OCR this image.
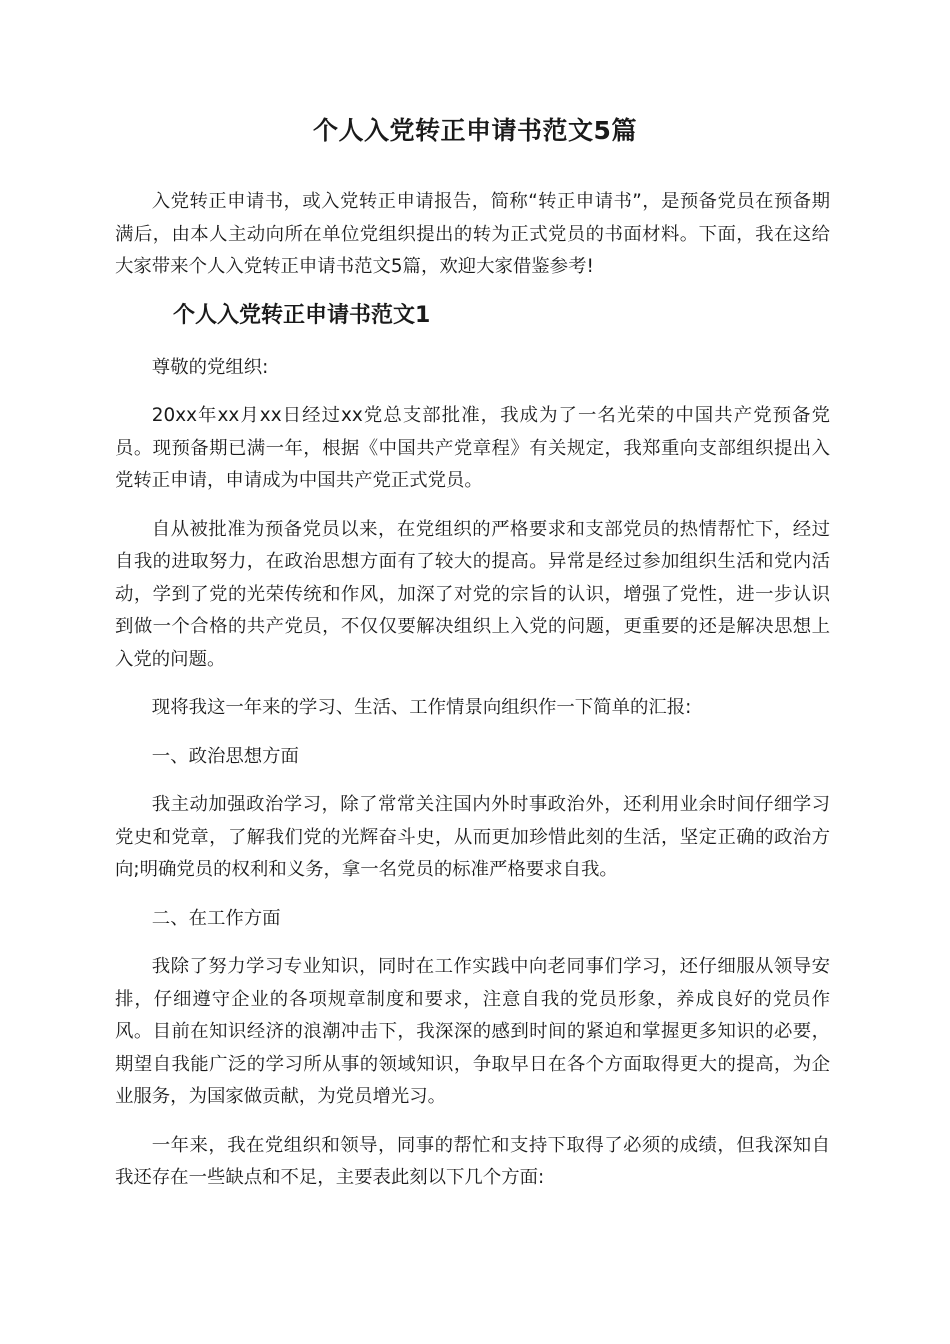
个人入党转正申请书范文5篇

入党转正申请书，或入党转正申请报告，简称“转正申请书”，是预备党员在预备期满后，由本人主动向所在单位党组织提出的转为正式党员的书面材料。下面，我在这给大家带来个人入党转正申请书范文5篇，欢迎大家借鉴参考!

个人入党转正申请书范文1

尊敬的党组织:

20xx年xx月xx日经过xx党总支部批准，我成为了一名光荣的中国共产党预备党员。现预备期已满一年，根据《中国共产党章程》有关规定，我郑重向支部组织提出入党转正申请，申请成为中国共产党正式党员。

自从被批准为预备党员以来，在党组织的严格要求和支部党员的热情帮忙下，经过自我的进取努力，在政治思想方面有了较大的提高。异常是经过参加组织生活和党内活动，学到了党的光荣传统和作风，加深了对党的宗旨的认识，增强了党性，进一步认识到做一个合格的共产党员，不仅仅要解决组织上入党的问题，更重要的还是解决思想上入党的问题。

现将我这一年来的学习、生活、工作情景向组织作一下简单的汇报:

一、政治思想方面

我主动加强政治学习，除了常常关注国内外时事政治外，还利用业余时间仔细学习党史和党章，了解我们党的光辉奋斗史，从而更加珍惜此刻的生活，坚定正确的政治方向;明确党员的权利和义务，拿一名党员的标准严格要求自我。

二、在工作方面

我除了努力学习专业知识，同时在工作实践中向老同事们学习，还仔细服从领导安排，仔细遵守企业的各项规章制度和要求，注意自我的党员形象，养成良好的党员作风。目前在知识经济的浪潮冲击下，我深深的感到时间的紧迫和掌握更多知识的必要，期望自我能广泛的学习所从事的领域知识，争取早日在各个方面取得更大的提高，为企业服务，为国家做贡献，为党员增光习。

一年来，我在党组织和领导，同事的帮忙和支持下取得了必须的成绩，但我深知自我还存在一些缺点和不足，主要表此刻以下几个方面:
